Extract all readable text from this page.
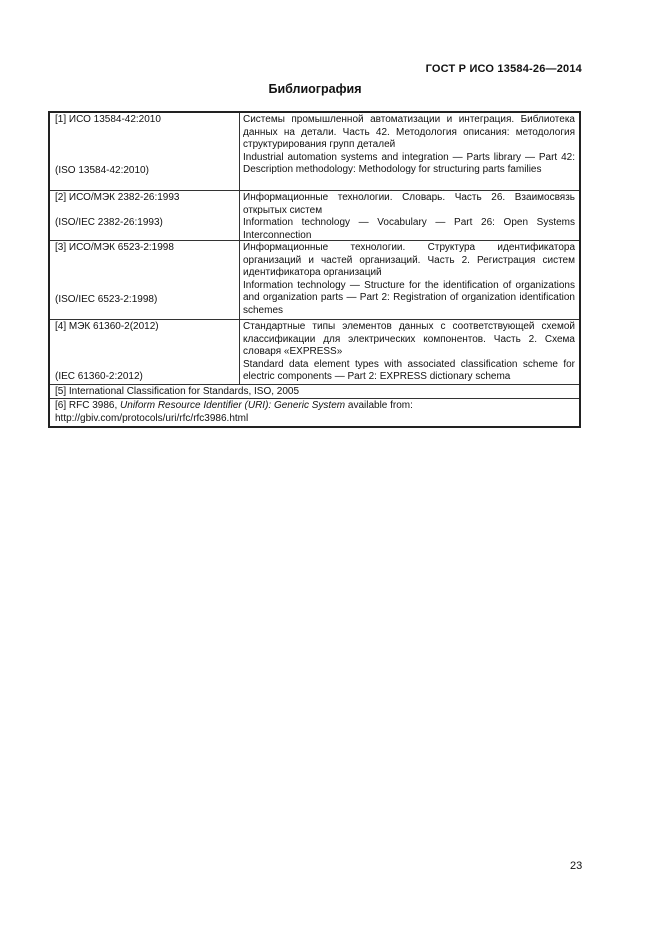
ГОСТ Р ИСО 13584-26—2014
Библиография
[1] ИСО 13584-42:2010
(ISO 13584-42:2010)
Системы промышленной автоматизации и интеграция. Библиотека данных на детали. Часть 42. Методология описания: методология структурирования групп деталей
Industrial automation systems and integration — Parts library — Part 42: Description methodology: Methodology for structuring parts families
[2] ИСО/МЭК 2382-26:1993
(ISO/IEC 2382-26:1993)
Информационные технологии. Словарь. Часть 26. Взаимосвязь открытых систем
Information technology — Vocabulary — Part 26: Open Systems Interconnection
[3] ИСО/МЭК 6523-2:1998
(ISO/IEC 6523-2:1998)
Информационные технологии. Структура идентификатора организаций и частей организаций. Часть 2. Регистрация систем идентификатора организаций
Information technology — Structure for the identification of organizations and organization parts — Part 2: Registration of organization identification schemes
[4] МЭК 61360-2(2012)
(IEC 61360-2:2012)
Стандартные типы элементов данных с соответствующей схемой классификации для электрических компонентов. Часть 2. Схема словаря «EXPRESS»
Standard data element types with associated classification scheme for electric components — Part 2: EXPRESS dictionary schema
[5] International Classification for Standards, ISO, 2005
[6] RFC 3986, Uniform Resource Identifier (URI): Generic System available from:
http://gbiv.com/protocols/uri/rfc/rfc3986.html
23
